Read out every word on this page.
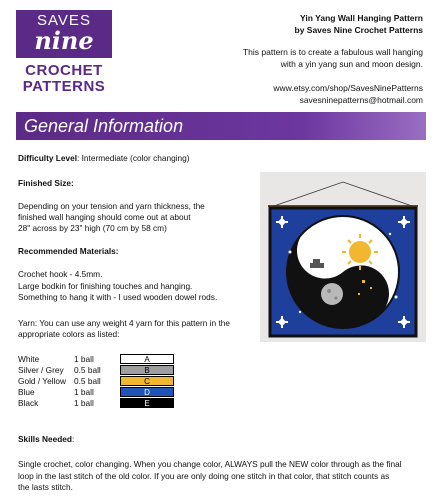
SAVES
nine
CROCHET
PATTERNS
Yin Yang Wall Hanging Pattern
by Saves Nine Crochet Patterns
This pattern is to create a fabulous wall hanging
with a yin yang sun and moon design.
www.etsy.com/shop/SavesNinePatterns
savesninepatterns@hotmail.com
General Information
Difficulty Level: Intermediate (color changing)
Finished Size:
Depending on your tension and yarn thickness, the
finished wall hanging should come out at about
28" across by 23" high (70 cm by 58 cm)
Recommended Materials:
Crochet hook - 4.5mm.
Large bodkin for finishing touches and hanging.
Something to hang it with - I used wooden dowel rods.
Yarn: You can use any weight 4 yarn for this pattern in the
appropriate colors as listed:
White	1 ball	A
Silver / Grey 0.5 ball	B
Gold / Yellow 0.5 ball	C
Blue	1 ball	D
Black	1 ball	E
Skills Needed:
Single crochet, color changing. When you change color, ALWAYS pull the NEW color through as the final
loop in the last stitch of the old color. If you are only doing one stitch in that color, that stitch counts as
the lasts stitch.
